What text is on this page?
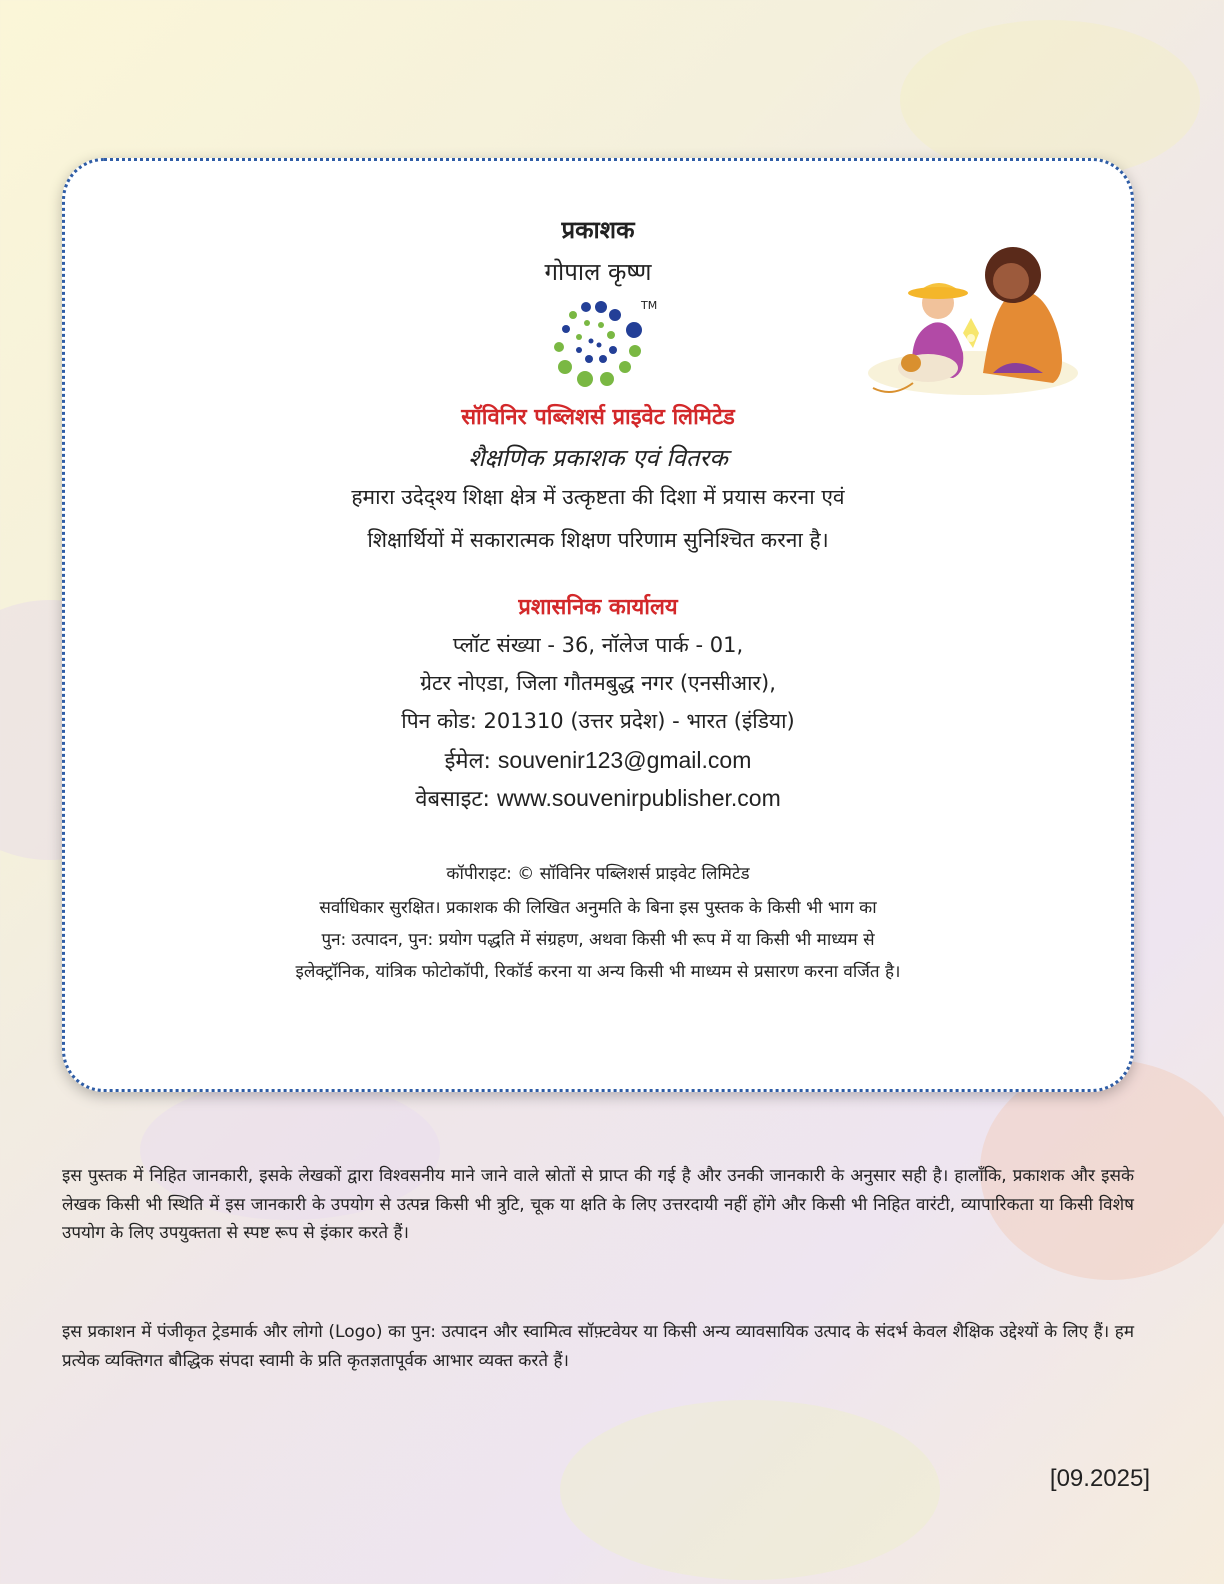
प्रकाशक
गोपाल कृष्ण
TM
सॉविनिर पब्लिशर्स प्राइवेट लिमिटेड
शैक्षणिक प्रकाशक एवं वितरक
हमारा उदेद्श्य शिक्षा क्षेत्र में उत्कृष्टता की दिशा में प्रयास करना एवं
शिक्षार्थियों में सकारात्मक शिक्षण परिणाम सुनिश्चित करना है।
प्रशासनिक कार्यालय
प्लॉट संख्या - 36, नॉलेज पार्क - 01,
ग्रेटर नोएडा, जिला गौतमबुद्ध नगर (एनसीआर),
पिन कोड: 201310 (उत्तर प्रदेश) - भारत (इंडिया)
ईमेल: souvenir123@gmail.com
वेबसाइट: www.souvenirpublisher.com
कॉपीराइट: © सॉविनिर पब्लिशर्स प्राइवेट लिमिटेड
सर्वाधिकार सुरक्षित। प्रकाशक की लिखित अनुमति के बिना इस पुस्तक के किसी भी भाग का
पुन: उत्पादन, पुन: प्रयोग पद्धति में संग्रहण, अथवा किसी भी रूप में या किसी भी माध्यम से
इलेक्ट्रॉनिक, यांत्रिक फोटोकॉपी, रिकॉर्ड करना या अन्य किसी भी माध्यम से प्रसारण करना वर्जित है।
इस पुस्तक में निहित जानकारी, इसके लेखकों द्वारा विश्वसनीय माने जाने वाले स्रोतों से प्राप्त की गई है और उनकी जानकारी के अनुसार सही है। हालाँकि, प्रकाशक और इसके लेखक किसी भी स्थिति में इस जानकारी के उपयोग से उत्पन्न किसी भी त्रुटि, चूक या क्षति के लिए उत्तरदायी नहीं होंगे और किसी भी निहित वारंटी, व्यापारिकता या किसी विशेष उपयोग के लिए उपयुक्तता से स्पष्ट रूप से इंकार करते हैं।
इस प्रकाशन में पंजीकृत ट्रेडमार्क और लोगो (Logo) का पुन: उत्पादन और स्वामित्व सॉफ़्टवेयर या किसी अन्य व्यावसायिक उत्पाद के संदर्भ केवल शैक्षिक उद्देश्यों के लिए हैं। हम प्रत्येक व्यक्तिगत बौद्धिक संपदा स्वामी के प्रति कृतज्ञतापूर्वक आभार व्यक्त करते हैं।
[09.2025]
